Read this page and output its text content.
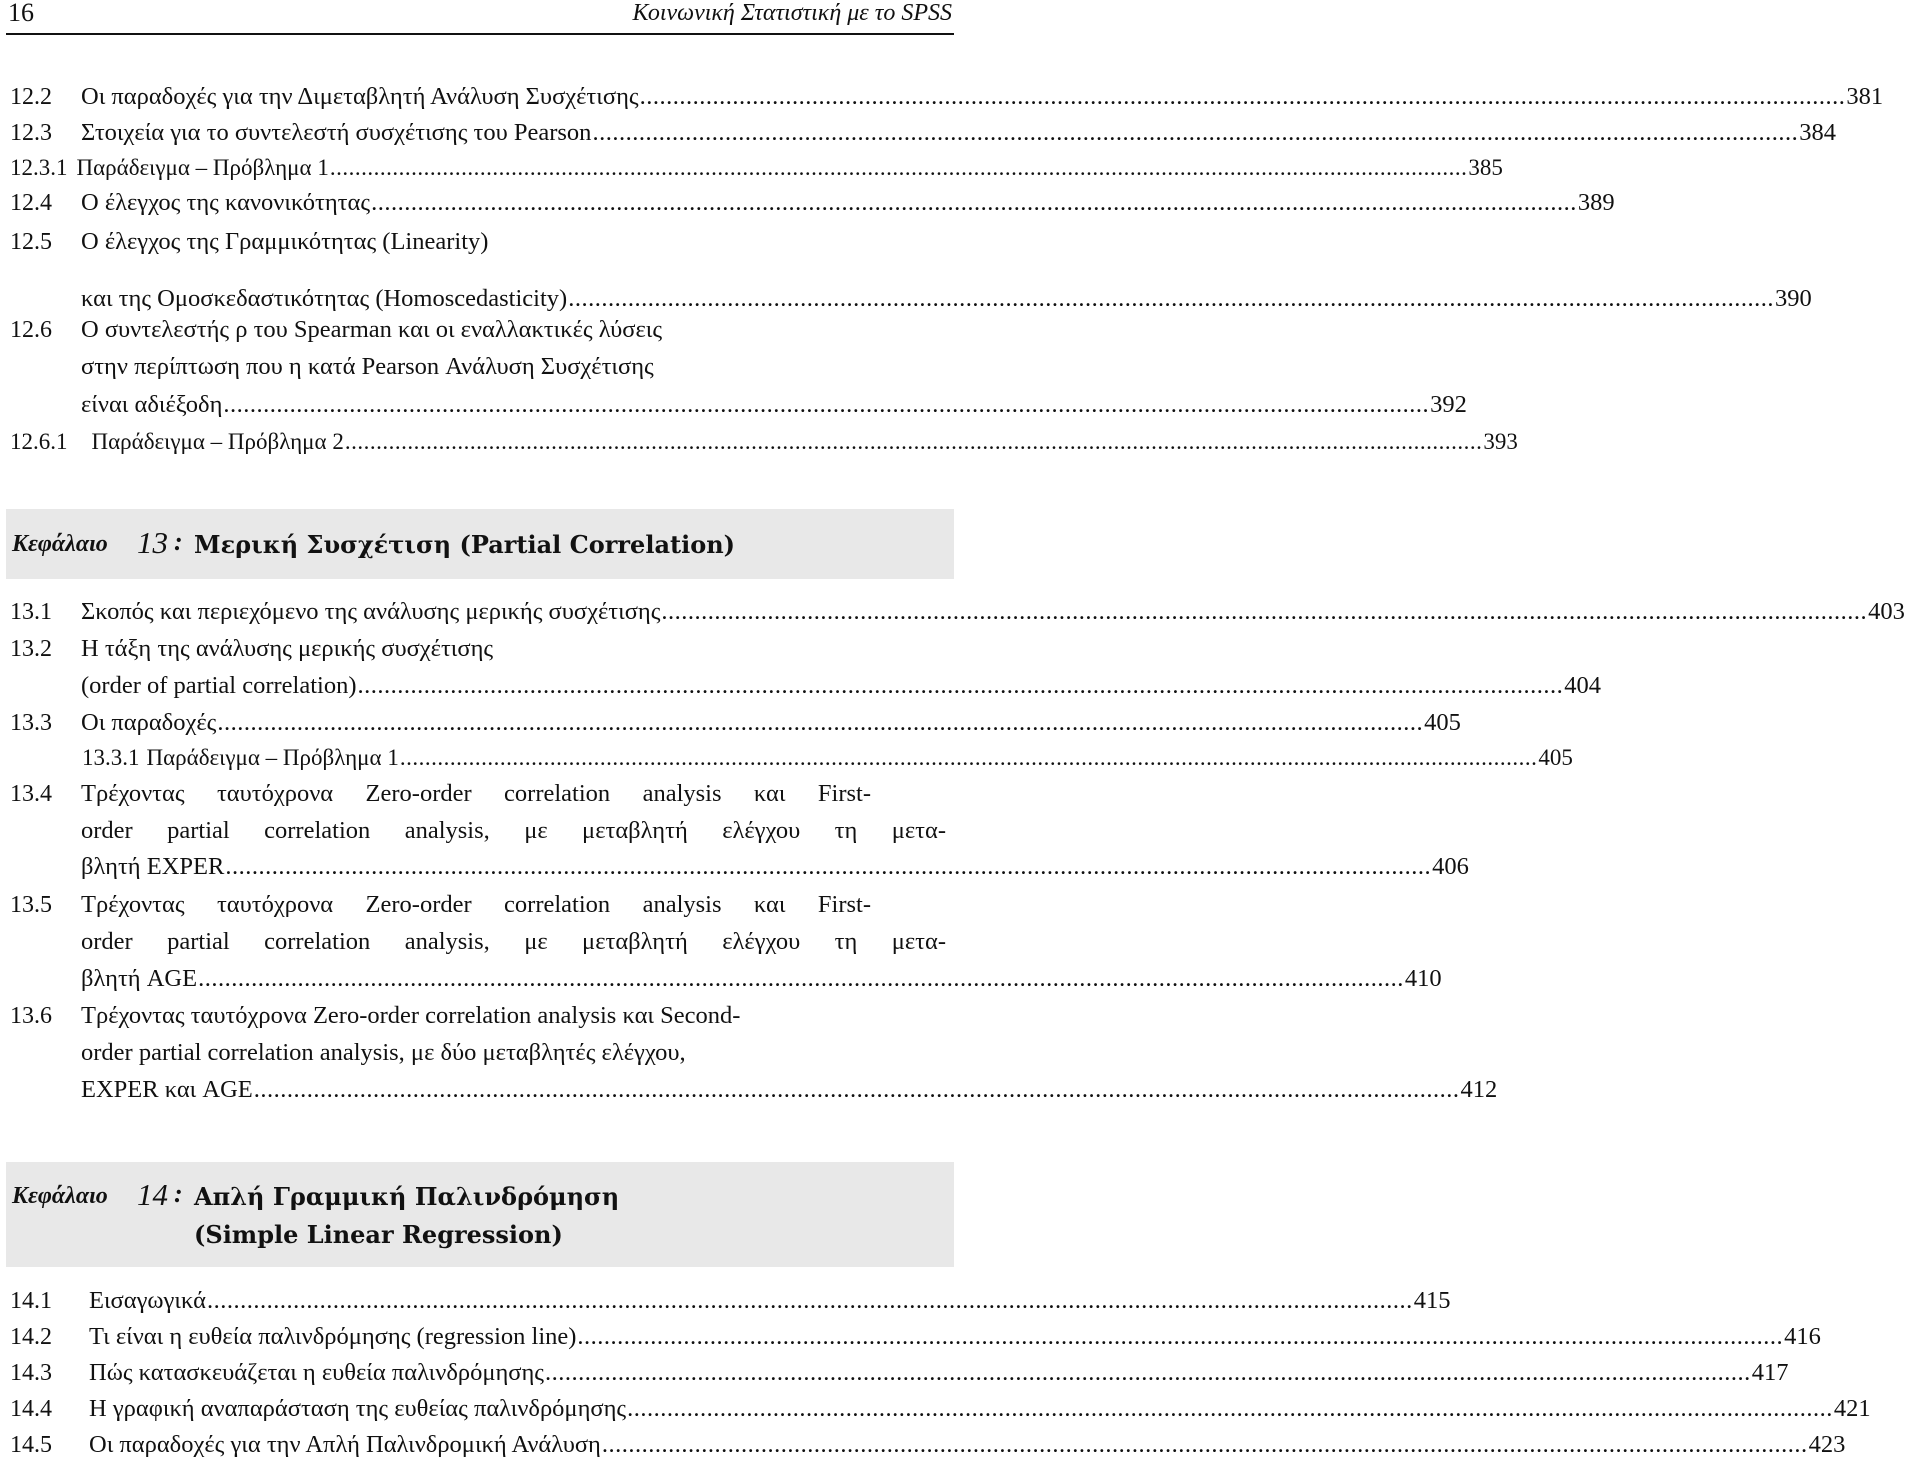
16	Κοινωνική Στατιστική με το SPSS
12.2 Οι παραδοχές για την Διμεταβλητή Ανάλυση Συσχέτισης ...................................................................................................................................................................................... 381
12.3 Στοιχεία για το συντελεστή συσχέτισης του Pearson ...................................................................................................................................................................................... 384
12.3.1 Παράδειγμα – Πρόβλημα 1 ...................................................................................................................................................................................... 385
12.4 Ο έλεγχος της κανονικότητας ...................................................................................................................................................................................... 389
12.5 Ο έλεγχος της Γραμμικότητας (Linearity)
και της Ομοσκεδαστικότητας (Homoscedasticity) ...................................................................................................................................................................................... 390
12.6 Ο συντελεστής ρ του Spearman και οι εναλλακτικές λύσεις
στην περίπτωση που η κατά Pearson Ανάλυση Συσχέτισης
είναι αδιέξοδη ...................................................................................................................................................................................... 392
12.6.1 Παράδειγμα – Πρόβλημα 2 ...................................................................................................................................................................................... 393
Κεφάλαιο 13 : Μερική Συσχέτιση (Partial Correlation)
13.1 Σκοπός και περιεχόμενο της ανάλυσης μερικής συσχέτισης ...................................................................................................................................................................................... 403
13.2 Η τάξη της ανάλυσης μερικής συσχέτισης
(order of partial correlation) ...................................................................................................................................................................................... 404
13.3 Οι παραδοχές ...................................................................................................................................................................................... 405
13.3.1 Παράδειγμα – Πρόβλημα 1 ...................................................................................................................................................................................... 405
13.4 Τρέχοντας ταυτόχρονα Zero-order correlation analysis και First-
order partial correlation analysis, με μεταβλητή ελέγχου τη μετα-
βλητή EXPER ...................................................................................................................................................................................... 406
13.5 Τρέχοντας ταυτόχρονα Zero-order correlation analysis και First-
order partial correlation analysis, με μεταβλητή ελέγχου τη μετα-
βλητή AGE ...................................................................................................................................................................................... 410
13.6 Τρέχοντας ταυτόχρονα Zero-order correlation analysis και Second-
order partial correlation analysis, με δύο μεταβλητές ελέγχου,
EXPER και AGE ...................................................................................................................................................................................... 412
Κεφάλαιο 14 : Απλή Γραμμική Παλινδρόμηση
(Simple Linear Regression)
14.1 Εισαγωγικά ...................................................................................................................................................................................... 415
14.2 Τι είναι η ευθεία παλινδρόμησης (regression line) ...................................................................................................................................................................................... 416
14.3 Πώς κατασκευάζεται η ευθεία παλινδρόμησης ...................................................................................................................................................................................... 417
14.4 Η γραφική αναπαράσταση της ευθείας παλινδρόμησης ...................................................................................................................................................................................... 421
14.5 Οι παραδοχές για την Απλή Παλινδρομική Ανάλυση ...................................................................................................................................................................................... 423
